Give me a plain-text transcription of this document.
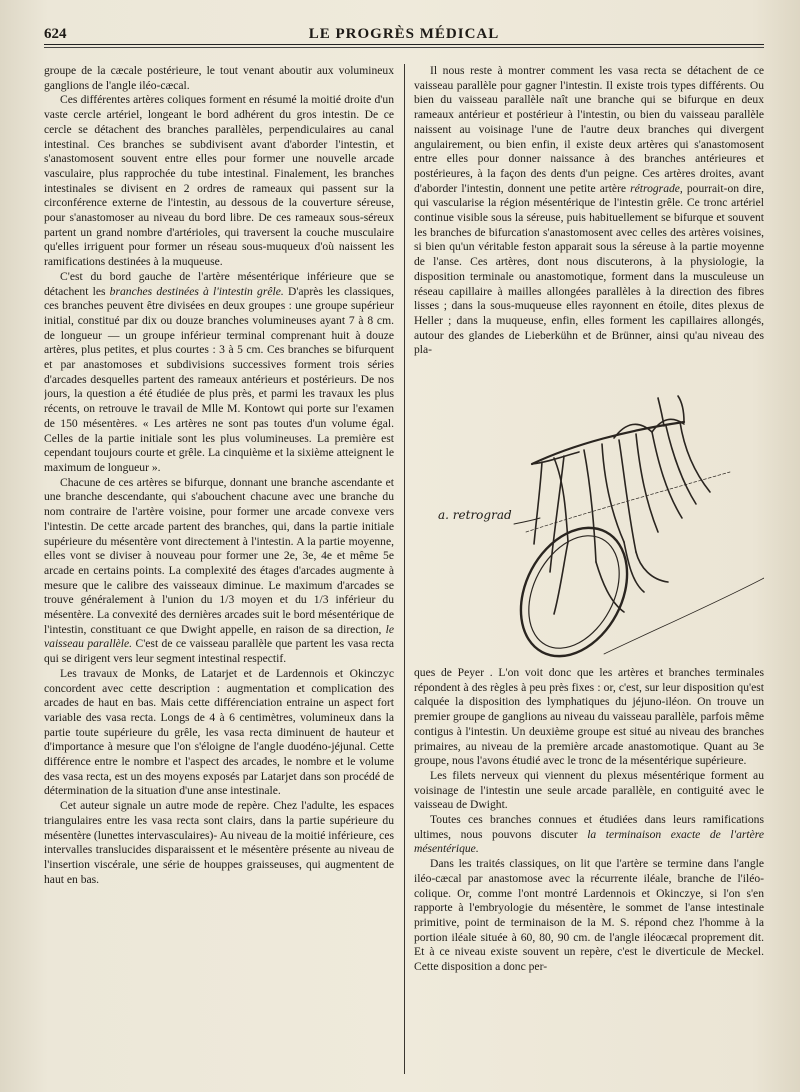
624	LE PROGRÈS MÉDICAL

groupe de la cæcale postérieure, le tout venant aboutir aux volumineux ganglions de l'angle iléo-cæcal.

Ces différentes artères coliques forment en résumé la moitié droite d'un vaste cercle artériel, longeant le bord adhérent du gros intestin. De ce cercle se détachent des branches parallèles, perpendiculaires au canal intestinal. Ces branches se subdivisent avant d'aborder l'intestin, et s'anastomosent souvent entre elles pour former une nouvelle arcade vasculaire, plus rapprochée du tube intestinal. Finalement, les branches intestinales se divisent en 2 ordres de rameaux qui passent sur la circonférence externe de l'intestin, au dessous de la couverture séreuse, pour s'anastomoser au niveau du bord libre. De ces rameaux sous-séreux partent un grand nombre d'artérioles, qui traversent la couche musculaire qu'elles irriguent pour former un réseau sous-muqueux d'où naissent les ramifications destinées à la muqueuse.

C'est du bord gauche de l'artère mésentérique inférieure que se détachent les branches destinées à l'intestin grêle. D'après les classiques, ces branches peuvent être divisées en deux groupes : une groupe supérieur initial, constitué par dix ou douze branches volumineuses ayant 7 à 8 cm. de longueur — un groupe inférieur terminal comprenant huit à douze artères, plus petites, et plus courtes : 3 à 5 cm. Ces branches se bifurquent et par anastomoses et subdivisions successives forment trois séries d'arcades desquelles partent des rameaux antérieurs et postérieurs. De nos jours, la question a été étudiée de plus près, et parmi les travaux les plus récents, on retrouve le travail de Mlle M. Kontowt qui porte sur l'examen de 150 mésentères. « Les artères ne sont pas toutes d'un volume égal. Celles de la partie initiale sont les plus volumineuses. La première est cependant toujours courte et grêle. La cinquième et la sixième atteignent le maximum de longueur ».

Chacune de ces artères se bifurque, donnant une branche ascendante et une branche descendante, qui s'abouchent chacune avec une branche du nom contraire de l'artère voisine, pour former une arcade convexe vers l'intestin. De cette arcade partent des branches, qui, dans la partie initiale supérieure du mésentère vont directement à l'intestin. A la partie moyenne, elles vont se diviser à nouveau pour former une 2e, 3e, 4e et même 5e arcade en certains points. La complexité des étages d'arcades augmente à mesure que le calibre des vaisseaux diminue. Le maximum d'arcades se trouve généralement à l'union du 1/3 moyen et du 1/3 inférieur du mésentère. La convexité des dernières arcades suit le bord mésentérique de l'intestin, constituant ce que Dwight appelle, en raison de sa direction, le vaisseau parallèle. C'est de ce vaisseau parallèle que partent les vasa recta qui se dirigent vers leur segment intestinal respectif.

Les travaux de Monks, de Latarjet et de Lardennois et Okinczyc concordent avec cette description : augmentation et complication des arcades de haut en bas. Mais cette différenciation entraine un aspect fort variable des vasa recta. Longs de 4 à 6 centimètres, volumineux dans la partie toute supérieure du grêle, les vasa recta diminuent de hauteur et d'importance à mesure que l'on s'éloigne de l'angle duodéno-jéjunal. Cette différence entre le nombre et l'aspect des arcades, le nombre et le volume des vasa recta, est un des moyens exposés par Latarjet dans son procédé de détermination de la situation d'une anse intestinale.

Cet auteur signale un autre mode de repère. Chez l'adulte, les espaces triangulaires entre les vasa recta sont clairs, dans la partie supérieure du mésentère (lunettes intervasculaires)- Au niveau de la moitié inférieure, ces intervalles translucides disparaissent et le mésentère présente au niveau de l'insertion viscérale, une série de houppes graisseuses, qui augmentent de haut en bas.

Il nous reste à montrer comment les vasa recta se détachent de ce vaisseau parallèle pour gagner l'intestin. Il existe trois types différents. Ou bien du vaisseau parallèle naît une branche qui se bifurque en deux rameaux antérieur et postérieur à l'intestin, ou bien du vaisseau parallèle naissent au voisinage l'une de l'autre deux branches qui divergent angulairement, ou bien enfin, il existe deux artères qui s'anastomosent entre elles pour donner naissance à des branches antérieures et postérieures, à la façon des dents d'un peigne. Ces artères droites, avant d'aborder l'intestin, donnent une petite artère rétrograde, pourrait-on dire, qui vascularise la région mésentérique de l'intestin grêle. Ce tronc artériel continue visible sous la séreuse, puis habituellement se bifurque et souvent les branches de bifurcation s'anastomosent avec celles des artères voisines, si bien qu'un véritable feston apparait sous la séreuse à la partie moyenne de l'anse. Ces artères, dont nous discuterons, à la physiologie, la disposition terminale ou anastomotique, forment dans la musculeuse un réseau capillaire à mailles allongées parallèles à la direction des fibres lisses ; dans la sous-muqueuse elles rayonnent en étoile, dites plexus de Heller ; dans la muqueuse, enfin, elles forment les capillaires allongés, autour des glandes de Lieberkühn et de Brünner, ainsi qu'au niveau des pla-

a. retrograd

ques de Peyer . L'on voit donc que les artères et branches terminales répondent à des règles à peu près fixes : or, c'est, sur leur disposition qu'est calquée la disposition des lymphatiques du jéjuno-iléon. On trouve un premier groupe de ganglions au niveau du vaisseau parallèle, parfois même contigus à l'intestin. Un deuxième groupe est situé au niveau des branches primaires, au niveau de la première arcade anastomotique. Quant au 3e groupe, nous l'avons étudié avec le tronc de la mésentérique supérieure.

Les filets nerveux qui viennent du plexus mésentérique forment au voisinage de l'intestin une seule arcade parallèle, en contiguité avec le vaisseau de Dwight.

Toutes ces branches connues et étudiées dans leurs ramifications ultimes, nous pouvons discuter la terminaison exacte de l'artère mésentérique.

Dans les traités classiques, on lit que l'artère se termine dans l'angle iléo-cæcal par anastomose avec la récurrente iléale, branche de l'iléo-colique. Or, comme l'ont montré Lardennois et Okinczye, si l'on s'en rapporte à l'embryologie du mésentère, le sommet de l'anse intestinale primitive, point de terminaison de la M. S. répond chez l'homme à la portion iléale située à 60, 80, 90 cm. de l'angle iléocæcal proprement dit. Et à ce niveau existe souvent un repère, c'est le diverticule de Meckel. Cette disposition a donc per-
